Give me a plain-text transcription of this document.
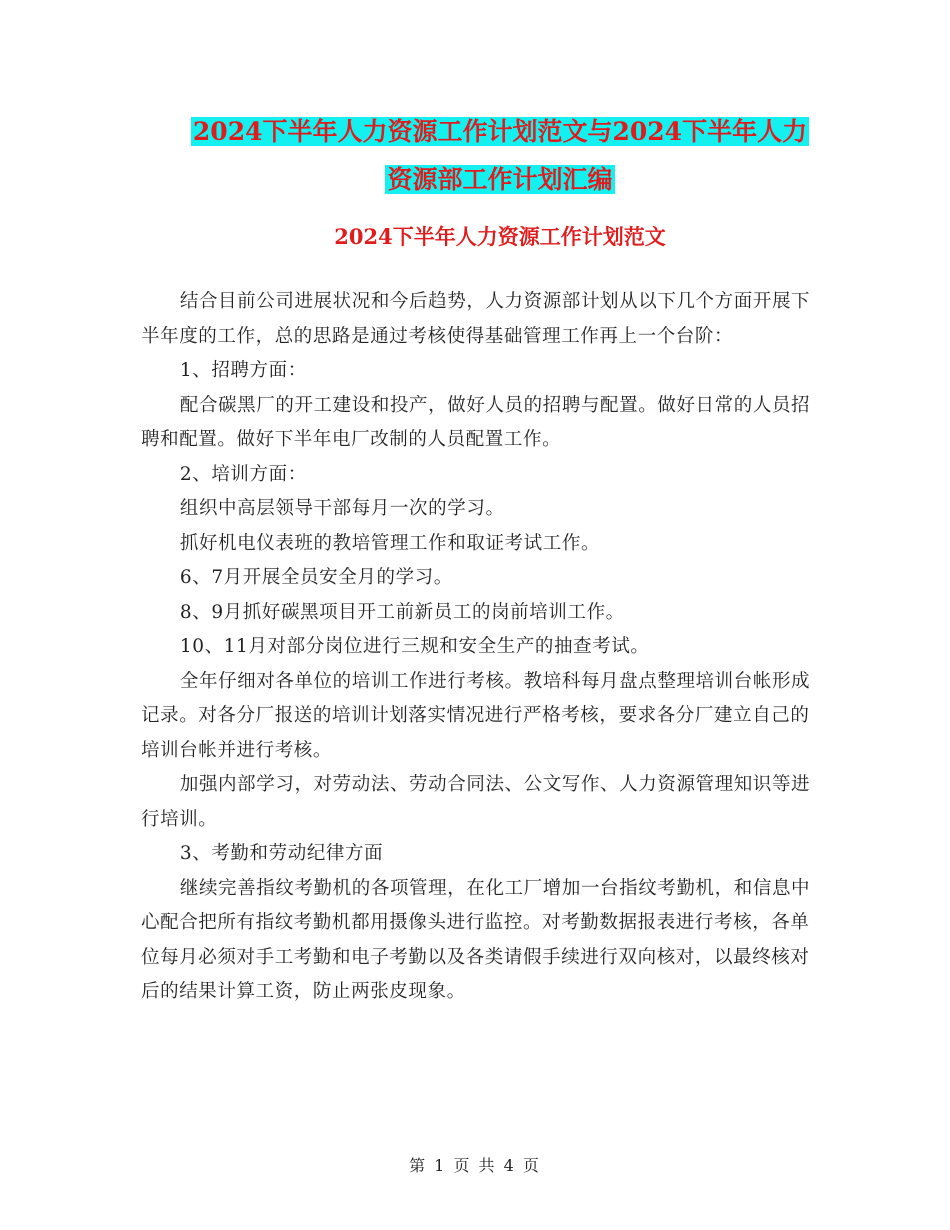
2024下半年人力资源工作计划范文与2024下半年人力
资源部工作计划汇编
2024下半年人力资源工作计划范文

结合目前公司进展状况和今后趋势，人力资源部计划从以下几个方面开展下半年度的工作，总的思路是通过考核使得基础管理工作再上一个台阶：

1、招聘方面：

配合碳黑厂的开工建设和投产，做好人员的招聘与配置。做好日常的人员招聘和配置。做好下半年电厂改制的人员配置工作。

2、培训方面：

组织中高层领导干部每月一次的学习。

抓好机电仪表班的教培管理工作和取证考试工作。

6、7月开展全员安全月的学习。

8、9月抓好碳黑项目开工前新员工的岗前培训工作。

10、11月对部分岗位进行三规和安全生产的抽查考试。

全年仔细对各单位的培训工作进行考核。教培科每月盘点整理培训台帐形成记录。对各分厂报送的培训计划落实情况进行严格考核，要求各分厂建立自己的培训台帐并进行考核。

加强内部学习，对劳动法、劳动合同法、公文写作、人力资源管理知识等进行培训。

3、考勤和劳动纪律方面

继续完善指纹考勤机的各项管理，在化工厂增加一台指纹考勤机，和信息中心配合把所有指纹考勤机都用摄像头进行监控。对考勤数据报表进行考核，各单位每月必须对手工考勤和电子考勤以及各类请假手续进行双向核对，以最终核对后的结果计算工资，防止两张皮现象。

第 1 页 共 4 页
